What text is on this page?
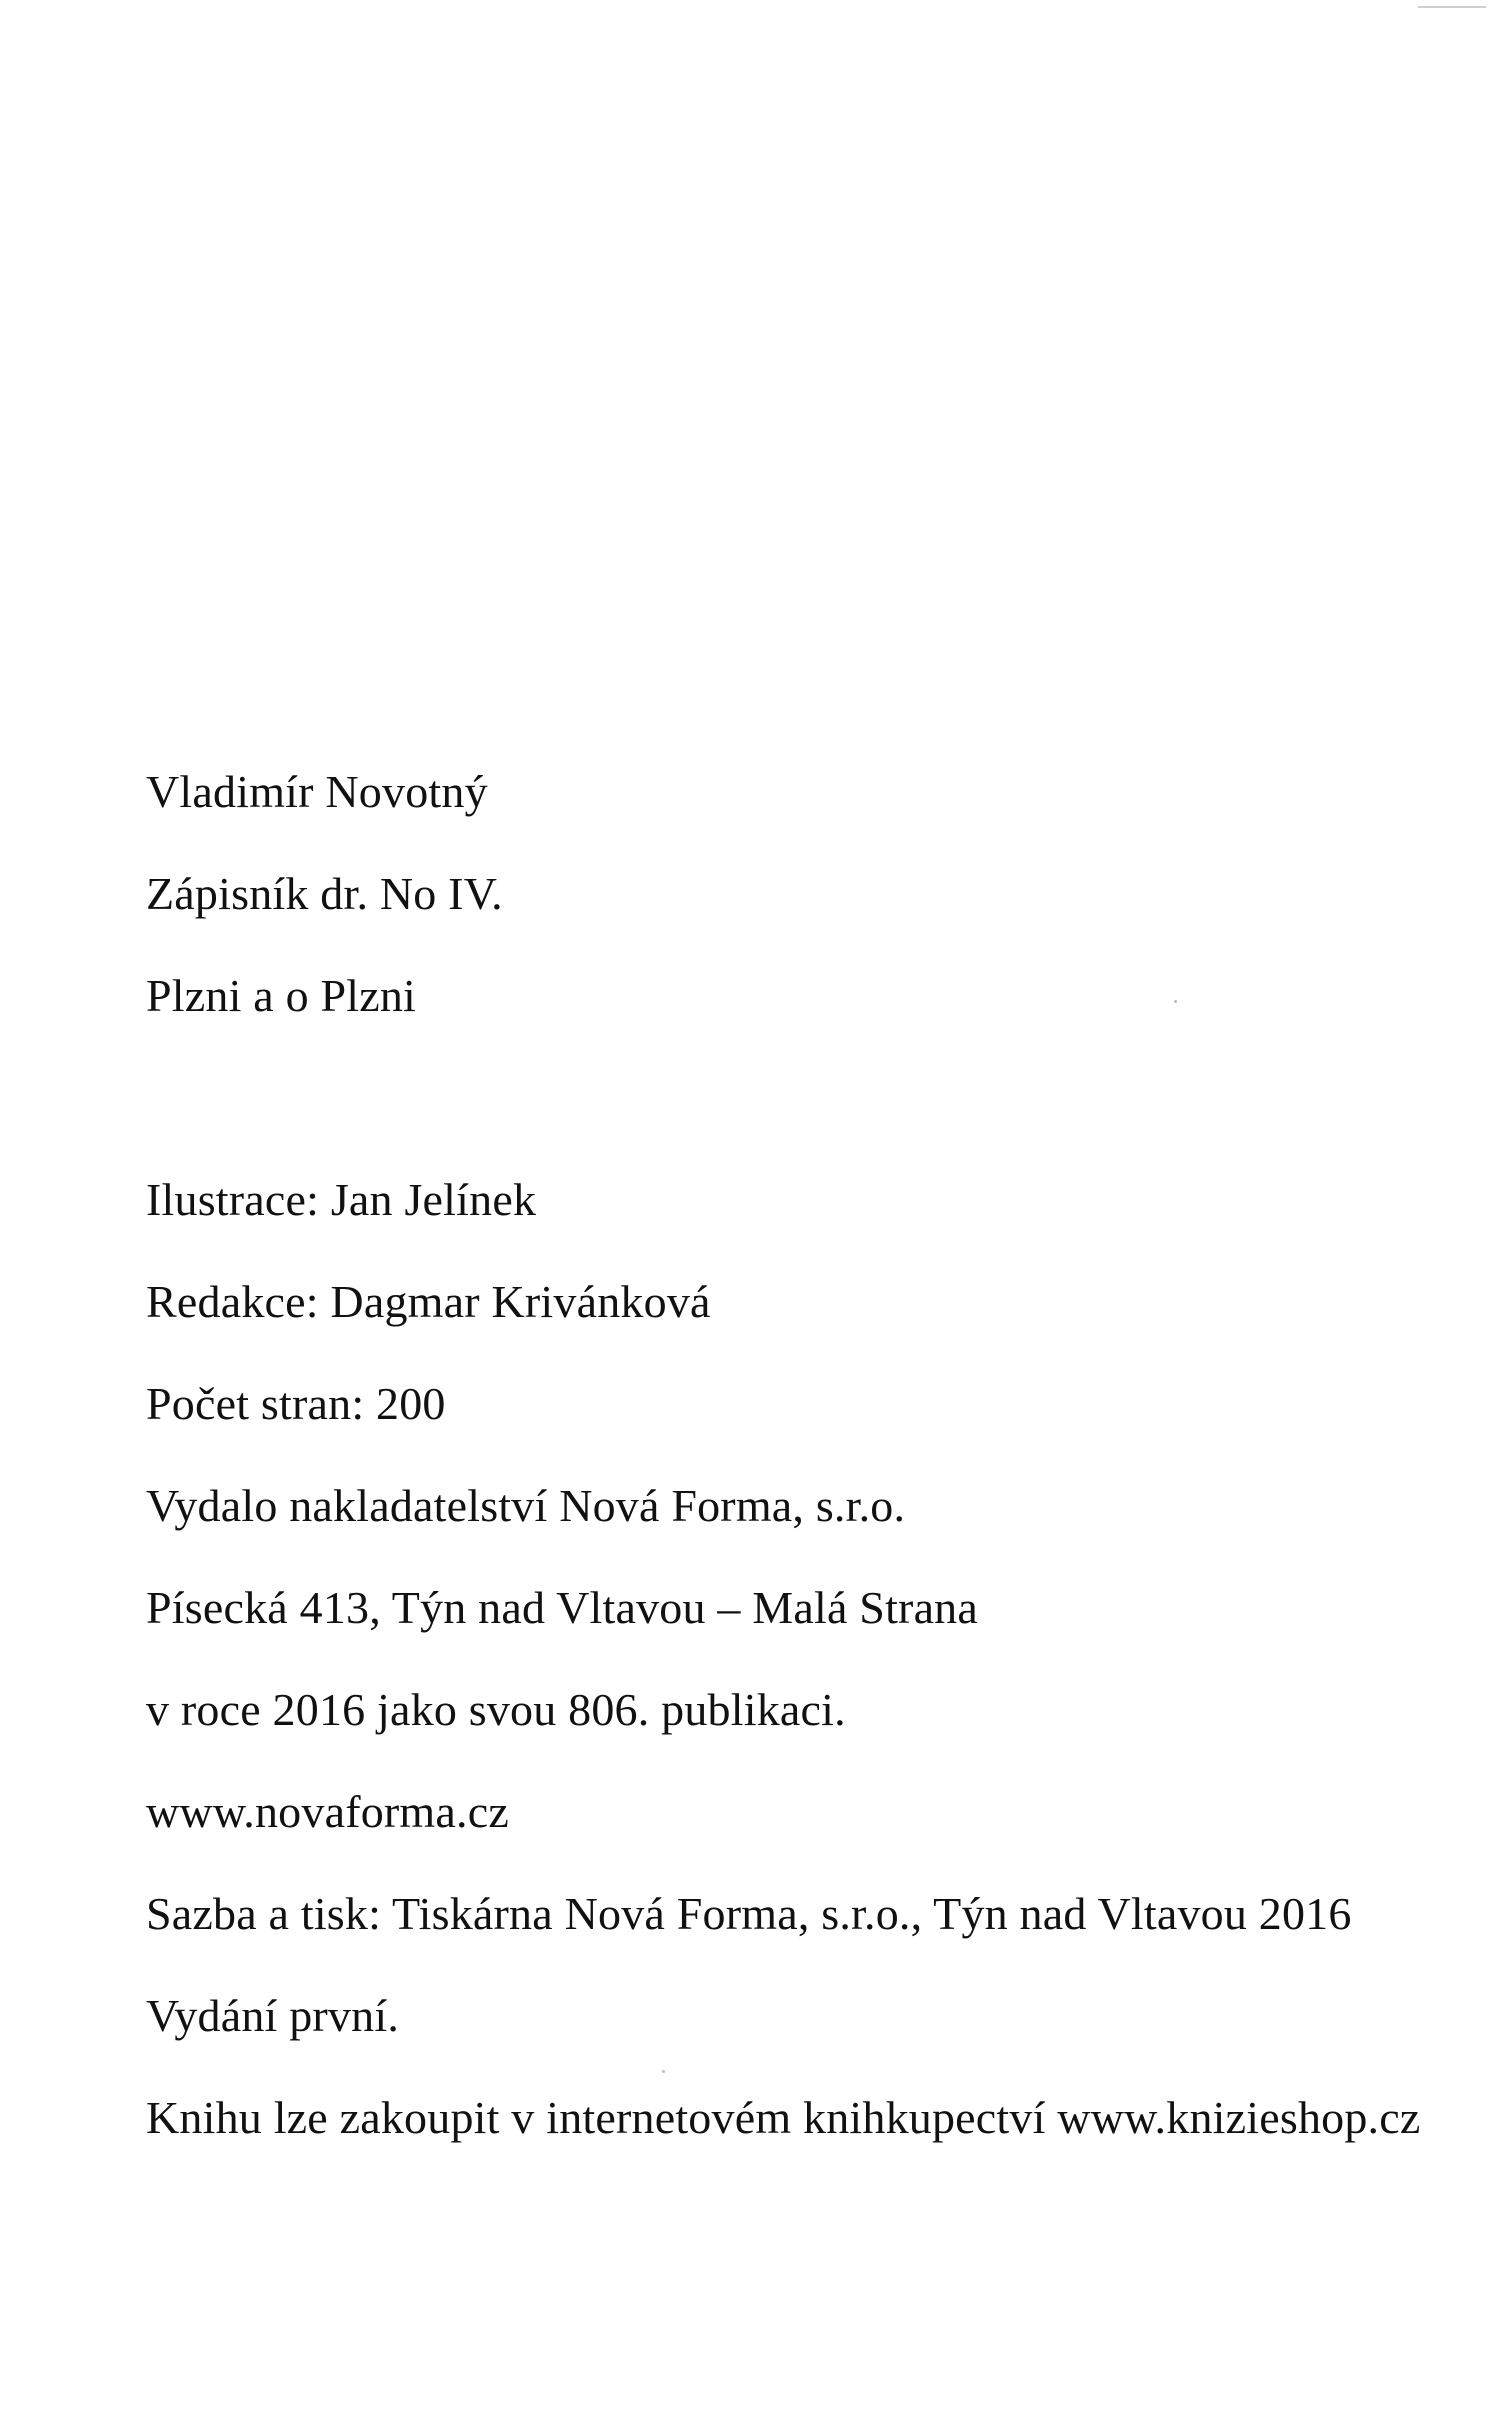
Vladimír Novotný
Zápisník dr. No IV.
Plzni a o Plzni
Ilustrace: Jan Jelínek
Redakce: Dagmar Krivánková
Počet stran: 200
Vydalo nakladatelství Nová Forma, s.r.o.
Písecká 413, Týn nad Vltavou – Malá Strana
v roce 2016 jako svou 806. publikaci.
www.novaforma.cz
Sazba a tisk: Tiskárna Nová Forma, s.r.o., Týn nad Vltavou 2016
Vydání první.
Knihu lze zakoupit v internetovém knihkupectví www.knizieshop.cz
